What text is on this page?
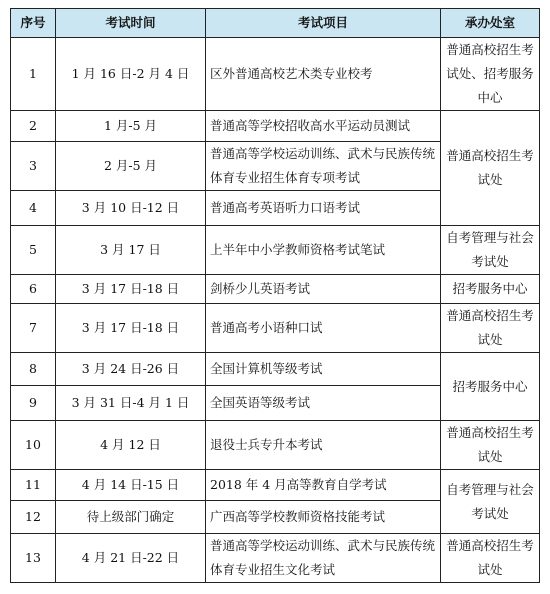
序号	考试时间	考试项目	承办处室
1	1 月 16 日-2 月 4 日	区外普通高校艺术类专业校考	普通高校招生考试处、招考服务中心
2	1 月-5 月	普通高等学校招收高水平运动员测试	普通高校招生考试处
3	2 月-5 月	普通高等学校运动训练、武术与民族传统体育专业招生体育专项考试	
4	3 月 10 日-12 日	普通高考英语听力口语考试	
5	3 月 17 日	上半年中小学教师资格考试笔试	自考管理与社会考试处
6	3 月 17 日-18 日	剑桥少儿英语考试	招考服务中心
7	3 月 17 日-18 日	普通高考小语种口试	普通高校招生考试处
8	3 月 24 日-26 日	全国计算机等级考试	招考服务中心
9	3 月 31 日-4 月 1 日	全国英语等级考试	
10	4 月 12 日	退役士兵专升本考试	普通高校招生考试处
11	4 月 14 日-15 日	2018 年 4 月高等教育自学考试	自考管理与社会考试处
12	待上级部门确定	广西高等学校教师资格技能考试	
13	4 月 21 日-22 日	普通高等学校运动训练、武术与民族传统体育专业招生文化考试	普通高校招生考试处
